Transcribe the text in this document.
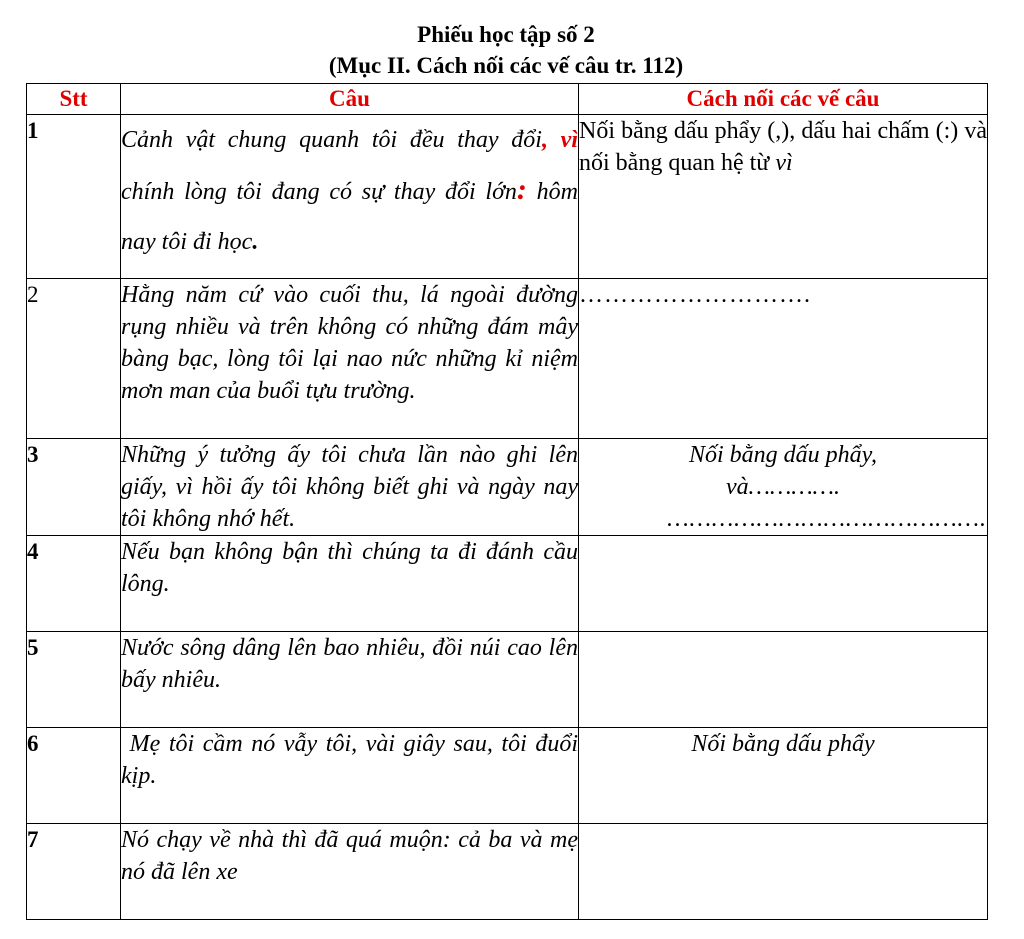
Phiếu học tập số 2
(Mục II. Cách nối các vế câu tr. 112)
Stt	Câu	Cách nối các vế câu
1	Cảnh vật chung quanh tôi đều thay đổi, vì chính lòng tôi đang có sự thay đổi lớn: hôm nay tôi đi học.	Nối bằng dấu phẩy (,), dấu hai chấm (:) và nối bằng quan hệ từ vì
2	Hằng năm cứ vào cuối thu, lá ngoài đường rụng nhiều và trên không có những đám mây bàng bạc, lòng tôi lại nao nức những kỉ niệm mơn man của buổi tựu trường.	……………………….
3	Những ý tưởng ấy tôi chưa lần nào ghi lên giấy, vì hồi ấy tôi không biết ghi và ngày nay tôi không nhớ hết.	Nối bằng dấu phẩy,
và………….
…………………………………….

4	Nếu bạn không bận thì chúng ta đi đánh cầu lông.	
5	Nước sông dâng lên bao nhiêu, đồi núi cao lên bấy nhiêu.	
6	Mẹ tôi cầm nó vẫy tôi, vài giây sau, tôi đuổi kịp.	Nối bằng dấu phẩy
7	Nó chạy về nhà thì đã quá muộn: cả ba và mẹ nó đã lên xe	
